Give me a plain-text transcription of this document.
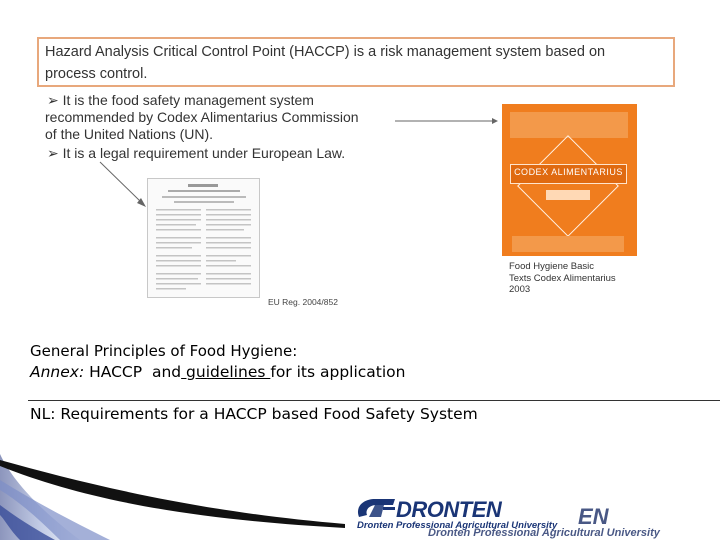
Hazard Analysis Critical Control Point (HACCP) is a risk management system based on
process control.
➢ It is the food safety management system
recommended by Codex Alimentarius Commission
of the United Nations (UN).
➢ It is a legal requirement under European Law.
EU Reg. 2004/852
CODEX ALIMENTARIUS
Food Hygiene Basic
Texts Codex Alimentarius
2003
General Principles of Food Hygiene:
Annex: HACCP  and guidelines for its application
NL: Requirements for a HACCP based Food Safety System
DRONTEN
Dronten Professional Agricultural University EN
Dronten Professional Agricultural University
